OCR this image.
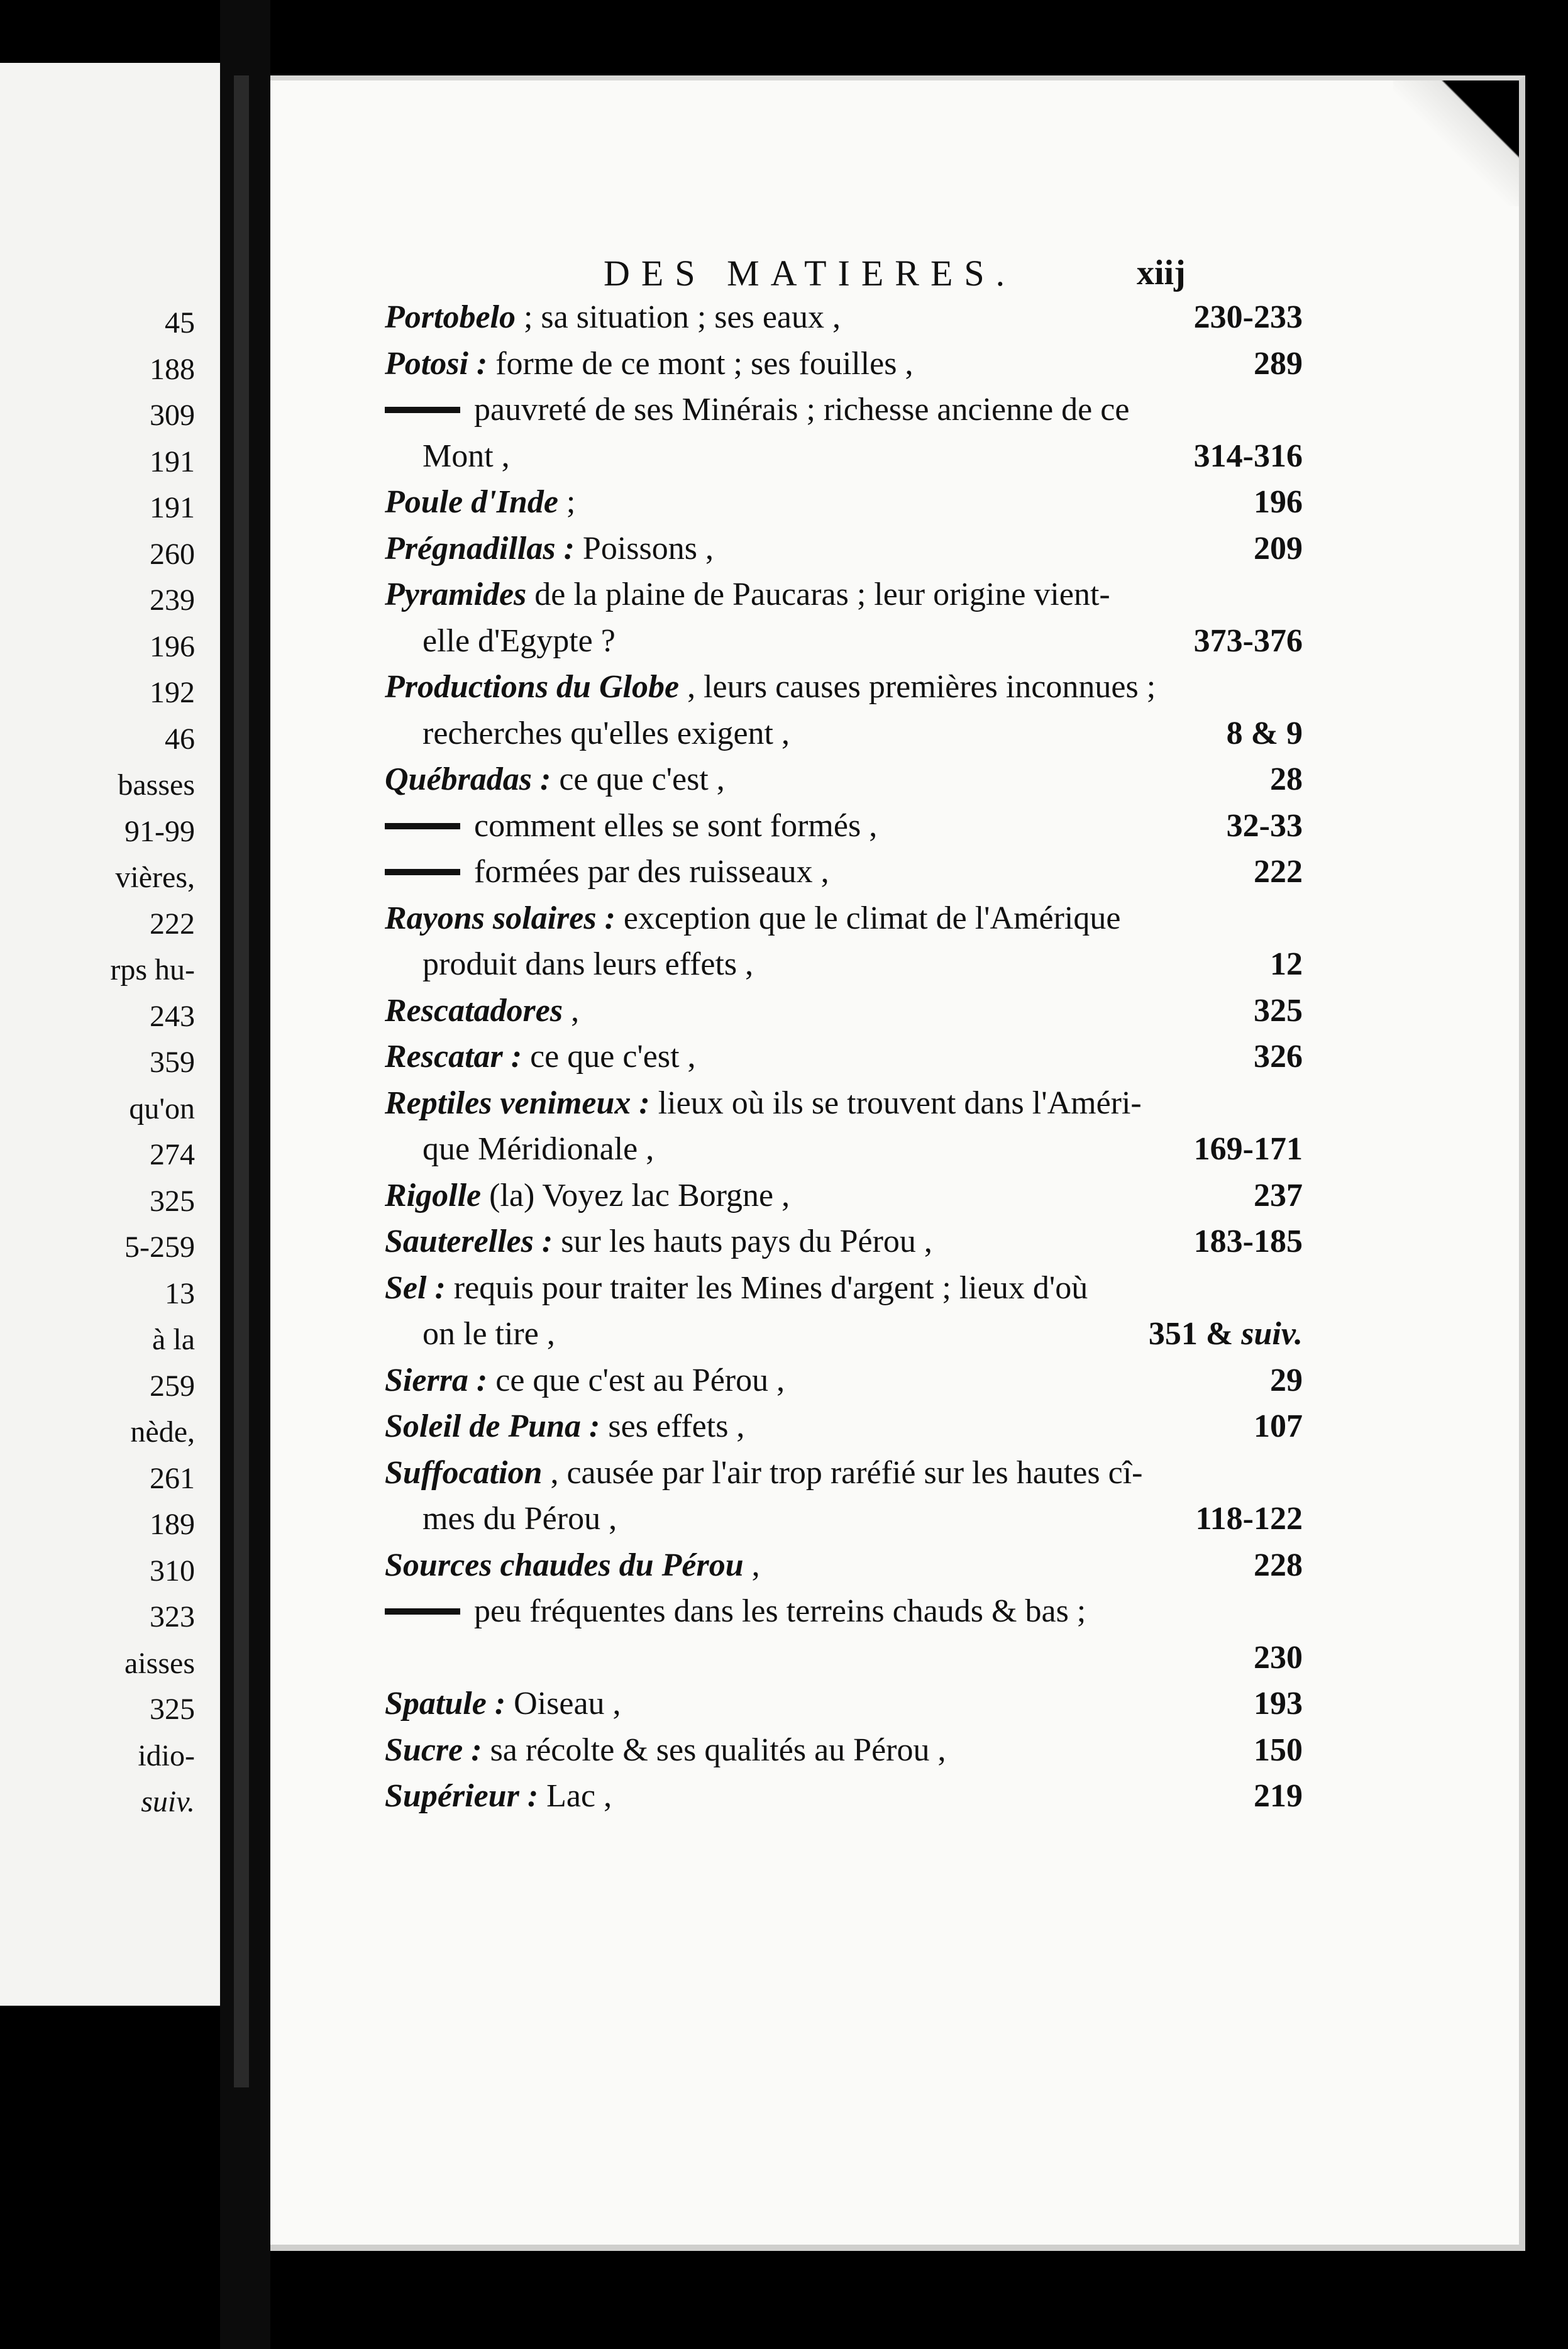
45
188
309
191
191
260
239
196
192
46
basses
91-99
vières,
222
rps hu-
243
359
qu'on
274
325
5-259
13
à la
259
nède,
261
189
310
323
aisses
325
idio-
suiv.
DES MATIERES.	xiij
Portobelo ; sa situation ; ses eaux ,	230-233
Potosi : forme de ce mont ; ses fouilles ,	289
pauvreté de ses Minérais ; richesse ancienne de ce
Mont ,	314-316
Poule d'Inde ;	196
Prégnadillas : Poissons ,	209
Pyramides de la plaine de Paucaras ; leur origine vient-
elle d'Egypte ?	373-376
Productions du Globe , leurs causes premières inconnues ;
recherches qu'elles exigent ,	8 & 9
Québradas : ce que c'est ,	28
comment elles se sont formés ,	32-33
formées par des ruisseaux ,	222
Rayons solaires : exception que le climat de l'Amérique
produit dans leurs effets ,	12
Rescatadores ,	325
Rescatar : ce que c'est ,	326
Reptiles venimeux : lieux où ils se trouvent dans l'Améri-
que Méridionale ,	169-171
Rigolle (la) Voyez lac Borgne ,	237
Sauterelles : sur les hauts pays du Pérou ,	183-185
Sel : requis pour traiter les Mines d'argent ; lieux d'où
on le tire ,	351 & suiv.
Sierra : ce que c'est au Pérou ,	29
Soleil de Puna : ses effets ,	107
Suffocation , causée par l'air trop raréfié sur les hautes cî-
mes du Pérou ,	118-122
Sources chaudes du Pérou ,	228
peu fréquentes dans les terreins chauds & bas ;
230
Spatule : Oiseau ,	193
Sucre : sa récolte & ses qualités au Pérou ,	150
Supérieur : Lac ,	219
